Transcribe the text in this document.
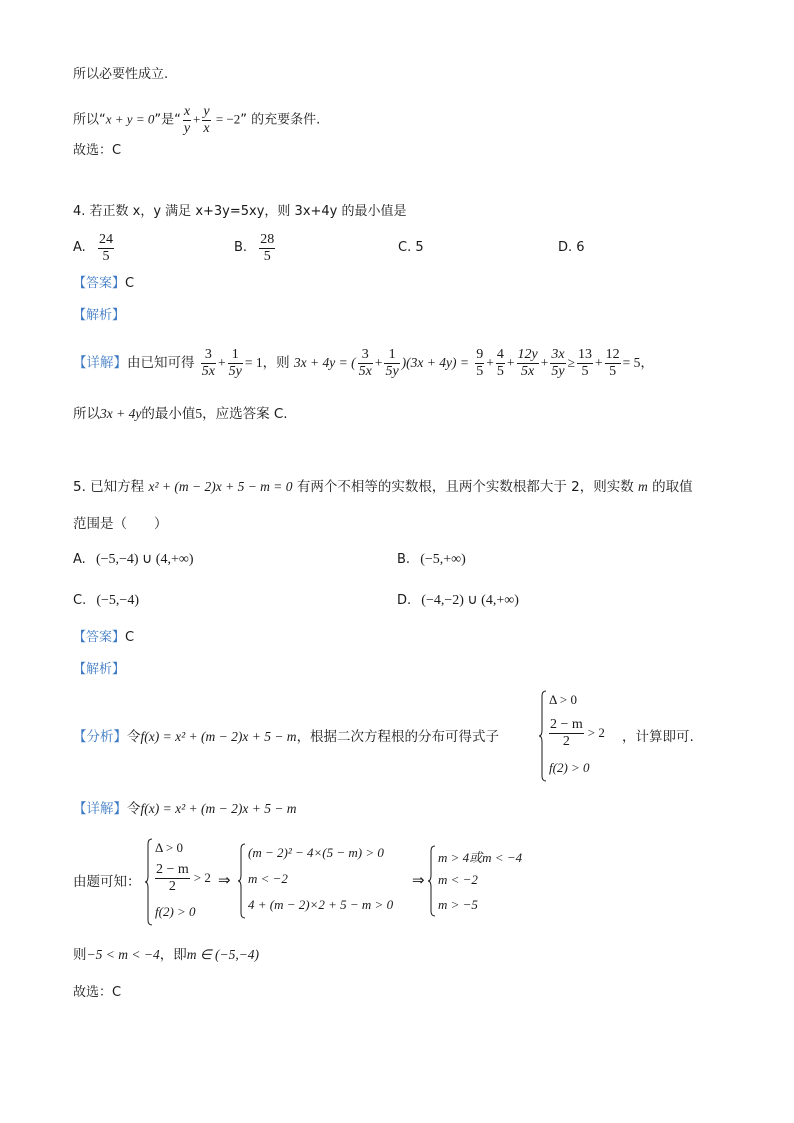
所以必要性成立.
所以“x + y = 0”是“ $\frac{x}{y} + \frac{y}{x} = -2$” 的充要条件.
故选：C
4. 若正数 x，y 满足 x+3y=5xy，则 3x+4y 的最小值是
A. $\frac{24}{5}$	B. $\frac{28}{5}$	C. 5	D. 6
【答案】C
【解析】
【详解】由已知可得 $\frac{3}{5x} + \frac{1}{5y} = 1$，则 3x + 4y = ( $\frac{3}{5x} + \frac{1}{5y} )(3x + 4y) = \frac{9}{5} + \frac{4}{5} + \frac{12y}{5x} + \frac{3x}{5y} \ge \frac{13}{5} + \frac{12}{5} = 5$，
所以3x + 4y的最小值5，应选答案 C.
5. 已知方程 x² + (m − 2)x + 5 − m = 0 有两个不相等的实数根，且两个实数根都大于 2，则实数 m 的取值
范围是（　　）
A. (−5,−4) ∪ (4,+∞)	B. (−5,+∞)
C. (−5,−4)	D. (−4,−2) ∪ (4,+∞)
【答案】C
【解析】
【分析】令f(x) = x² + (m − 2)x + 5 − m，根据二次方程根的分布可得式子
Δ > 0
$\frac{2 - m}{2} > 2$
f(2) > 0
，计算即可.
【详解】令f(x) = x² + (m − 2)x + 5 − m
由题可知：
Δ > 0
$\frac{2 - m}{2} > 2$
f(2) > 0
⇒
(m − 2)² − 4×(5 − m) > 0
m < −2
4 + (m − 2)×2 + 5 − m > 0
⇒
m > 4或m < −4
m < −2
m > −5
则−5 < m < −4，即m ∈ (−5,−4)
故选：C
